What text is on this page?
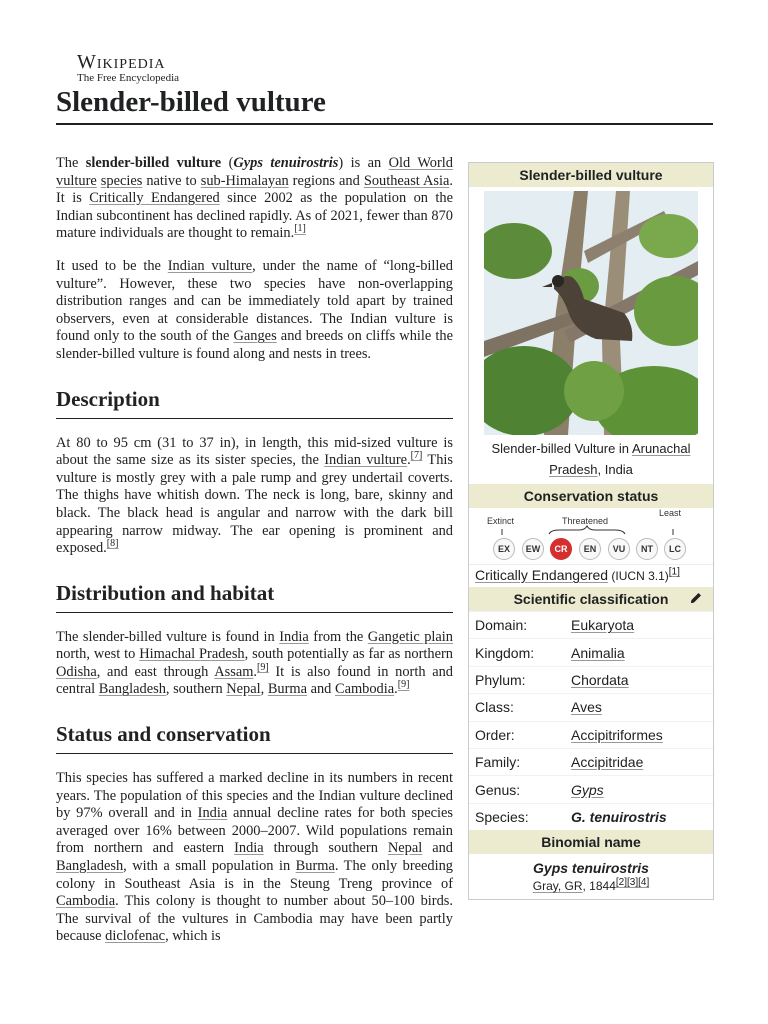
Wikipedia
The Free Encyclopedia
Slender-billed vulture

The slender-billed vulture (Gyps tenuirostris) is an Old World vulture species native to sub-Himalayan regions and Southeast Asia. It is Critically Endangered since 2002 as the population on the Indian subcontinent has declined rapidly. As of 2021, fewer than 870 mature individuals are thought to remain.[1]

It used to be the Indian vulture, under the name of “long-billed vulture”. However, these two species have non-overlapping distribution ranges and can be immediately told apart by trained observers, even at considerable distances. The Indian vulture is found only to the south of the Ganges and breeds on cliffs while the slender-billed vulture is found along and nests in trees.

Description

At 80 to 95 cm (31 to 37 in), in length, this mid-sized vulture is about the same size as its sister species, the Indian vulture.[7] This vulture is mostly grey with a pale rump and grey undertail coverts. The thighs have whitish down. The neck is long, bare, skinny and black. The black head is angular and narrow with the dark bill appearing narrow midway. The ear opening is prominent and exposed.[8]

Distribution and habitat

The slender-billed vulture is found in India from the Gangetic plain north, west to Himachal Pradesh, south potentially as far as northern Odisha, and east through Assam.[9] It is also found in north and central Bangladesh, southern Nepal, Burma and Cambodia.[9]

Status and conservation

This species has suffered a marked decline in its numbers in recent years. The population of this species and the Indian vulture declined by 97% overall and in India annual decline rates for both species averaged over 16% between 2000–2007. Wild populations remain from northern and eastern India through southern Nepal and Bangladesh, with a small population in Burma. The only breeding colony in Southeast Asia is in the Steung Treng province of Cambodia. This colony is thought to number about 50–100 birds. The survival of the vultures in Cambodia may have been partly because diclofenac, which is

Slender-billed vulture
Slender-billed Vulture in Arunachal Pradesh, India
Conservation status
Extinct	Threatened
Least
EX	EW	CR	EN	VU	NT	LC
Critically Endangered (IUCN 3.1)[1]
Scientific classification
Domain:	Eukaryota
Kingdom:	Animalia
Phylum:	Chordata
Class:	Aves
Order:	Accipitriformes
Family:	Accipitridae
Genus:	Gyps
Species:	G. tenuirostris
Binomial name
Gyps tenuirostris
Gray, GR, 1844[2][3][4]
